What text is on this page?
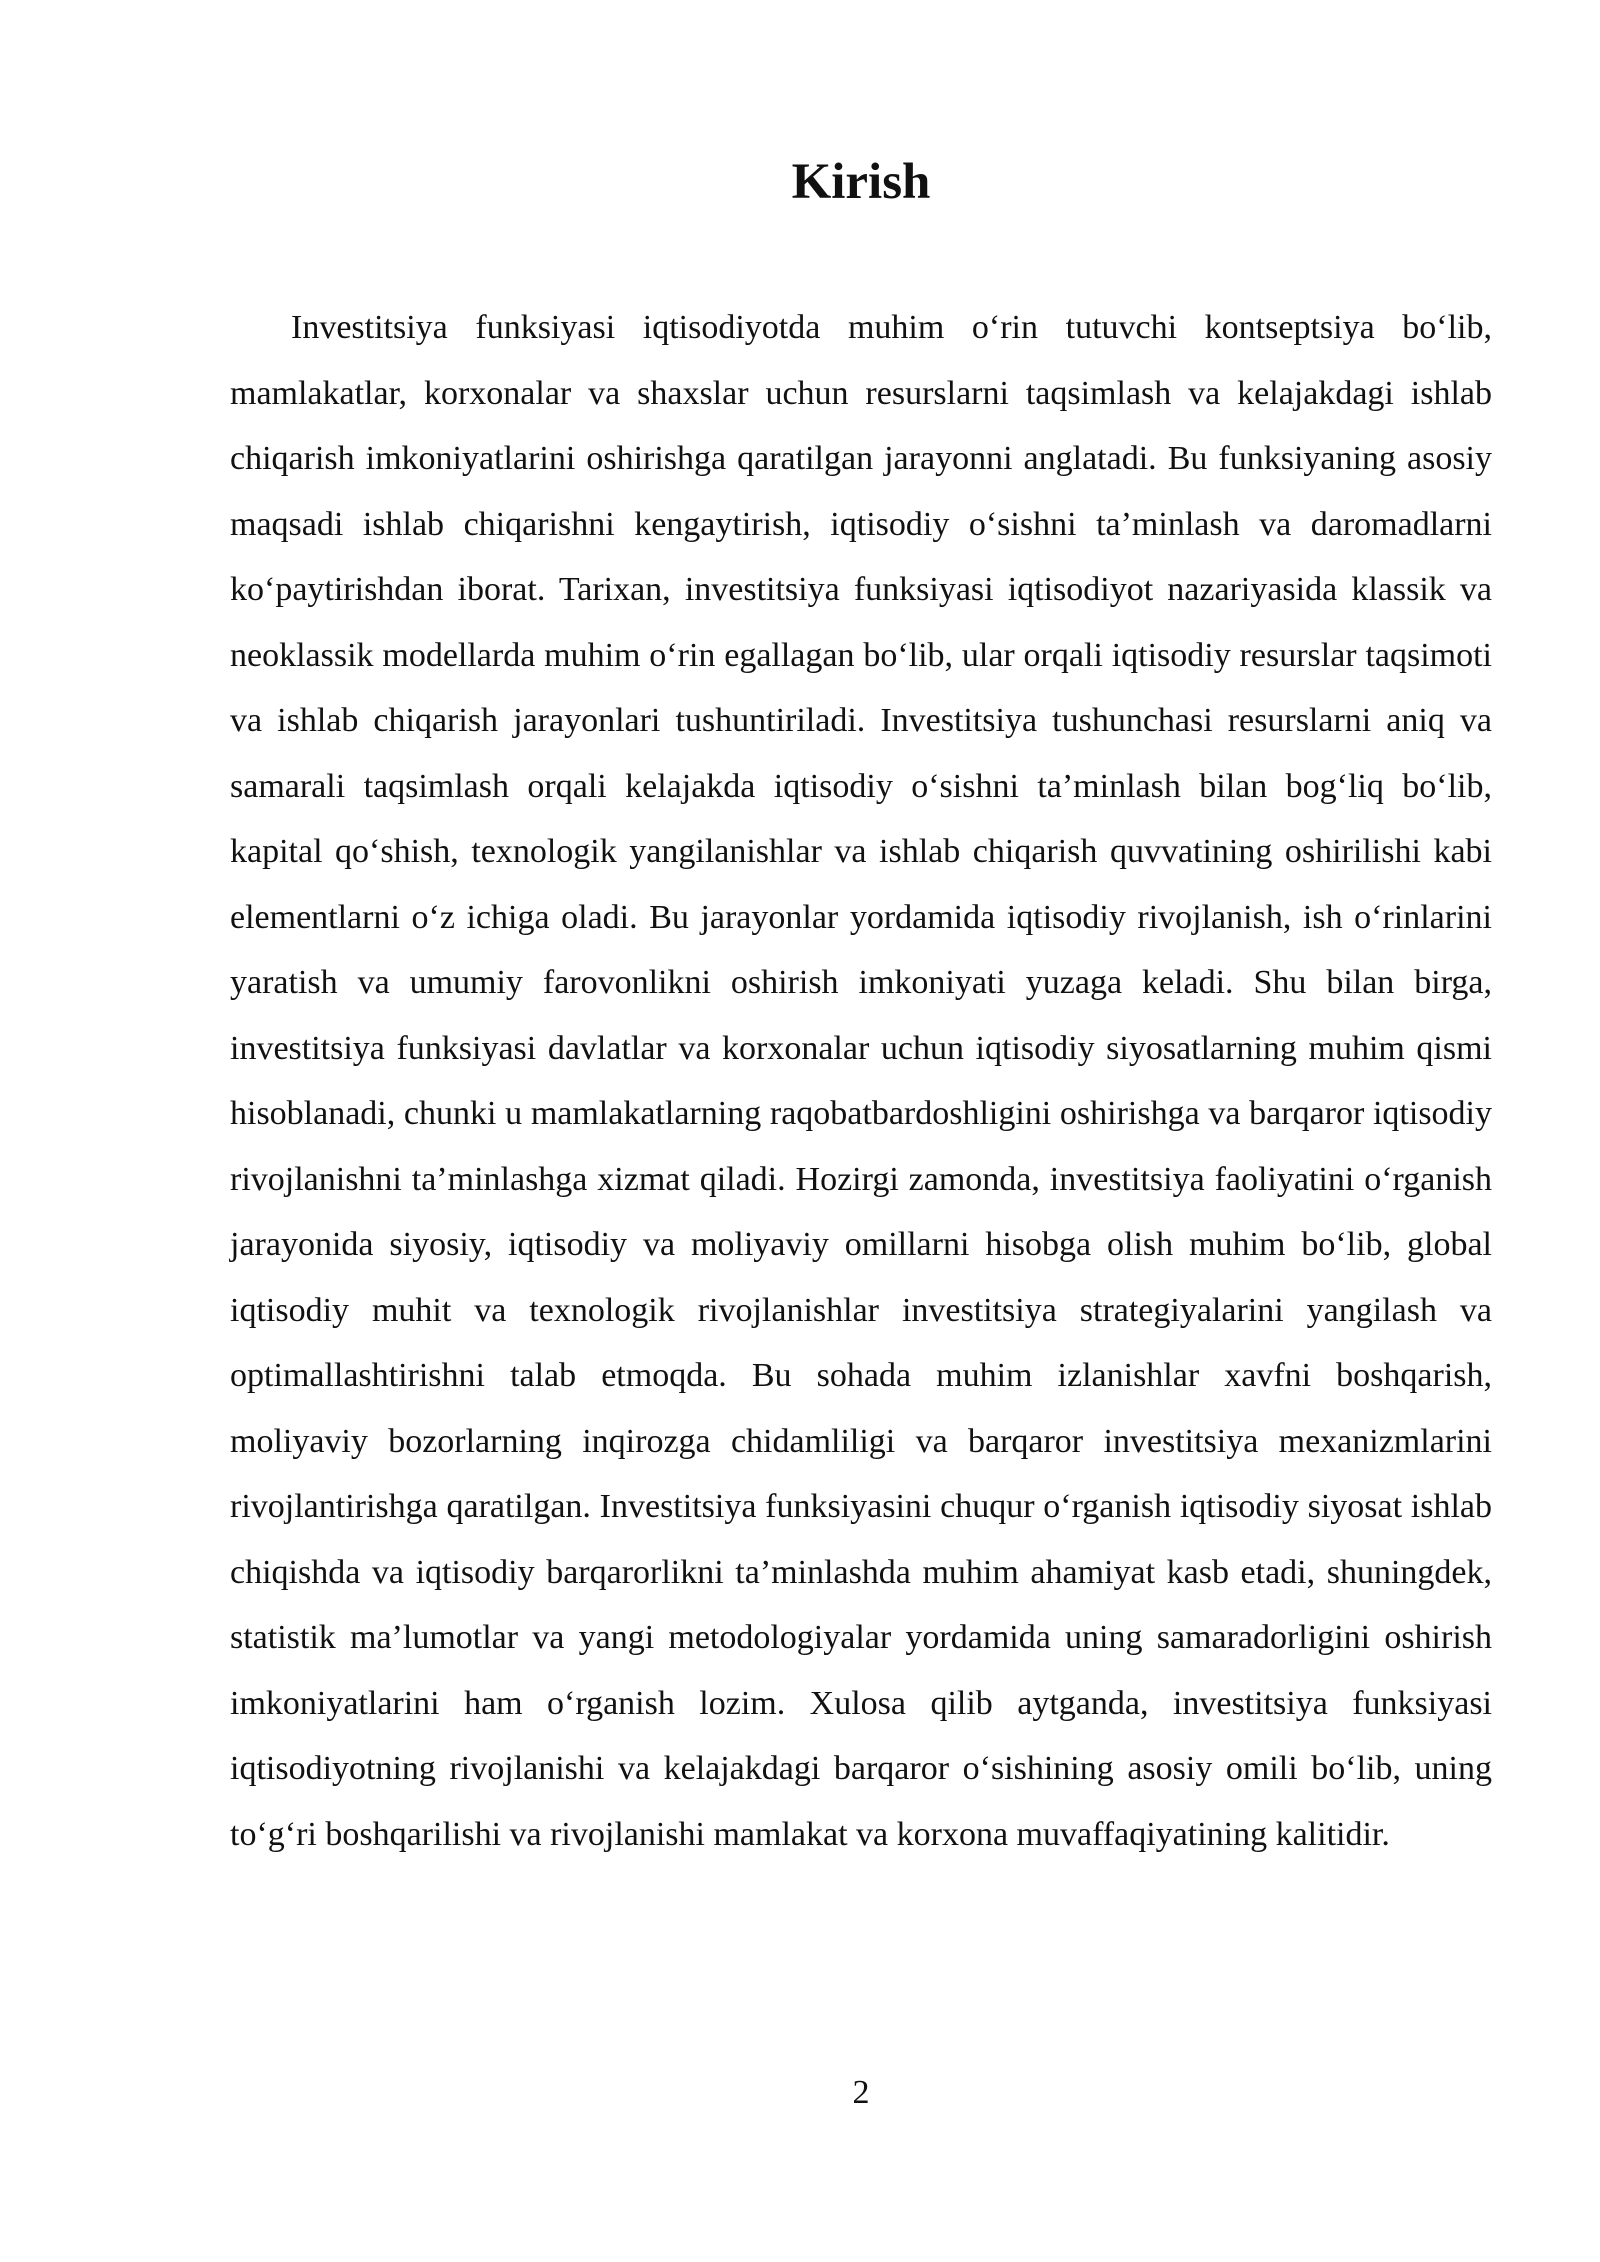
Kirish

Investitsiya funksiyasi iqtisodiyotda muhim o‘rin tutuvchi kontseptsiya bo‘lib, mamlakatlar, korxonalar va shaxslar uchun resurslarni taqsimlash va kelajakdagi ishlab chiqarish imkoniyatlarini oshirishga qaratilgan jarayonni anglatadi. Bu funksiyaning asosiy maqsadi ishlab chiqarishni kengaytirish, iqtisodiy o‘sishni ta’minlash va daromadlarni ko‘paytirishdan iborat. Tarixan, investitsiya funksiyasi iqtisodiyot nazariyasida klassik va neoklassik modellarda muhim o‘rin egallagan bo‘lib, ular orqali iqtisodiy resurslar taqsimoti va ishlab chiqarish jarayonlari tushuntiriladi. Investitsiya tushunchasi resurslarni aniq va samarali taqsimlash orqali kelajakda iqtisodiy o‘sishni ta’minlash bilan bog‘liq bo‘lib, kapital qo‘shish, texnologik yangilanishlar va ishlab chiqarish quvvatining oshirilishi kabi elementlarni o‘z ichiga oladi. Bu jarayonlar yordamida iqtisodiy rivojlanish, ish o‘rinlarini yaratish va umumiy farovonlikni oshirish imkoniyati yuzaga keladi. Shu bilan birga, investitsiya funksiyasi davlatlar va korxonalar uchun iqtisodiy siyosatlarning muhim qismi hisoblanadi, chunki u mamlakatlarning raqobatbardoshligini oshirishga va barqaror iqtisodiy rivojlanishni ta’minlashga xizmat qiladi. Hozirgi zamonda, investitsiya faoliyatini o‘rganish jarayonida siyosiy, iqtisodiy va moliyaviy omillarni hisobga olish muhim bo‘lib, global iqtisodiy muhit va texnologik rivojlanishlar investitsiya strategiyalarini yangilash va optimallashtirishni talab etmoqda. Bu sohada muhim izlanishlar xavfni boshqarish, moliyaviy bozorlarning inqirozga chidamliligi va barqaror investitsiya mexanizmlarini rivojlantirishga qaratilgan. Investitsiya funksiyasini chuqur o‘rganish iqtisodiy siyosat ishlab chiqishda va iqtisodiy barqarorlikni ta’minlashda muhim ahamiyat kasb etadi, shuningdek, statistik ma’lumotlar va yangi metodologiyalar yordamida uning samaradorligini oshirish imkoniyatlarini ham o‘rganish lozim. Xulosa qilib aytganda, investitsiya funksiyasi iqtisodiyotning rivojlanishi va kelajakdagi barqaror o‘sishining asosiy omili bo‘lib, uning to‘g‘ri boshqarilishi va rivojlanishi mamlakat va korxona muvaffaqiyatining kalitidir.

2
